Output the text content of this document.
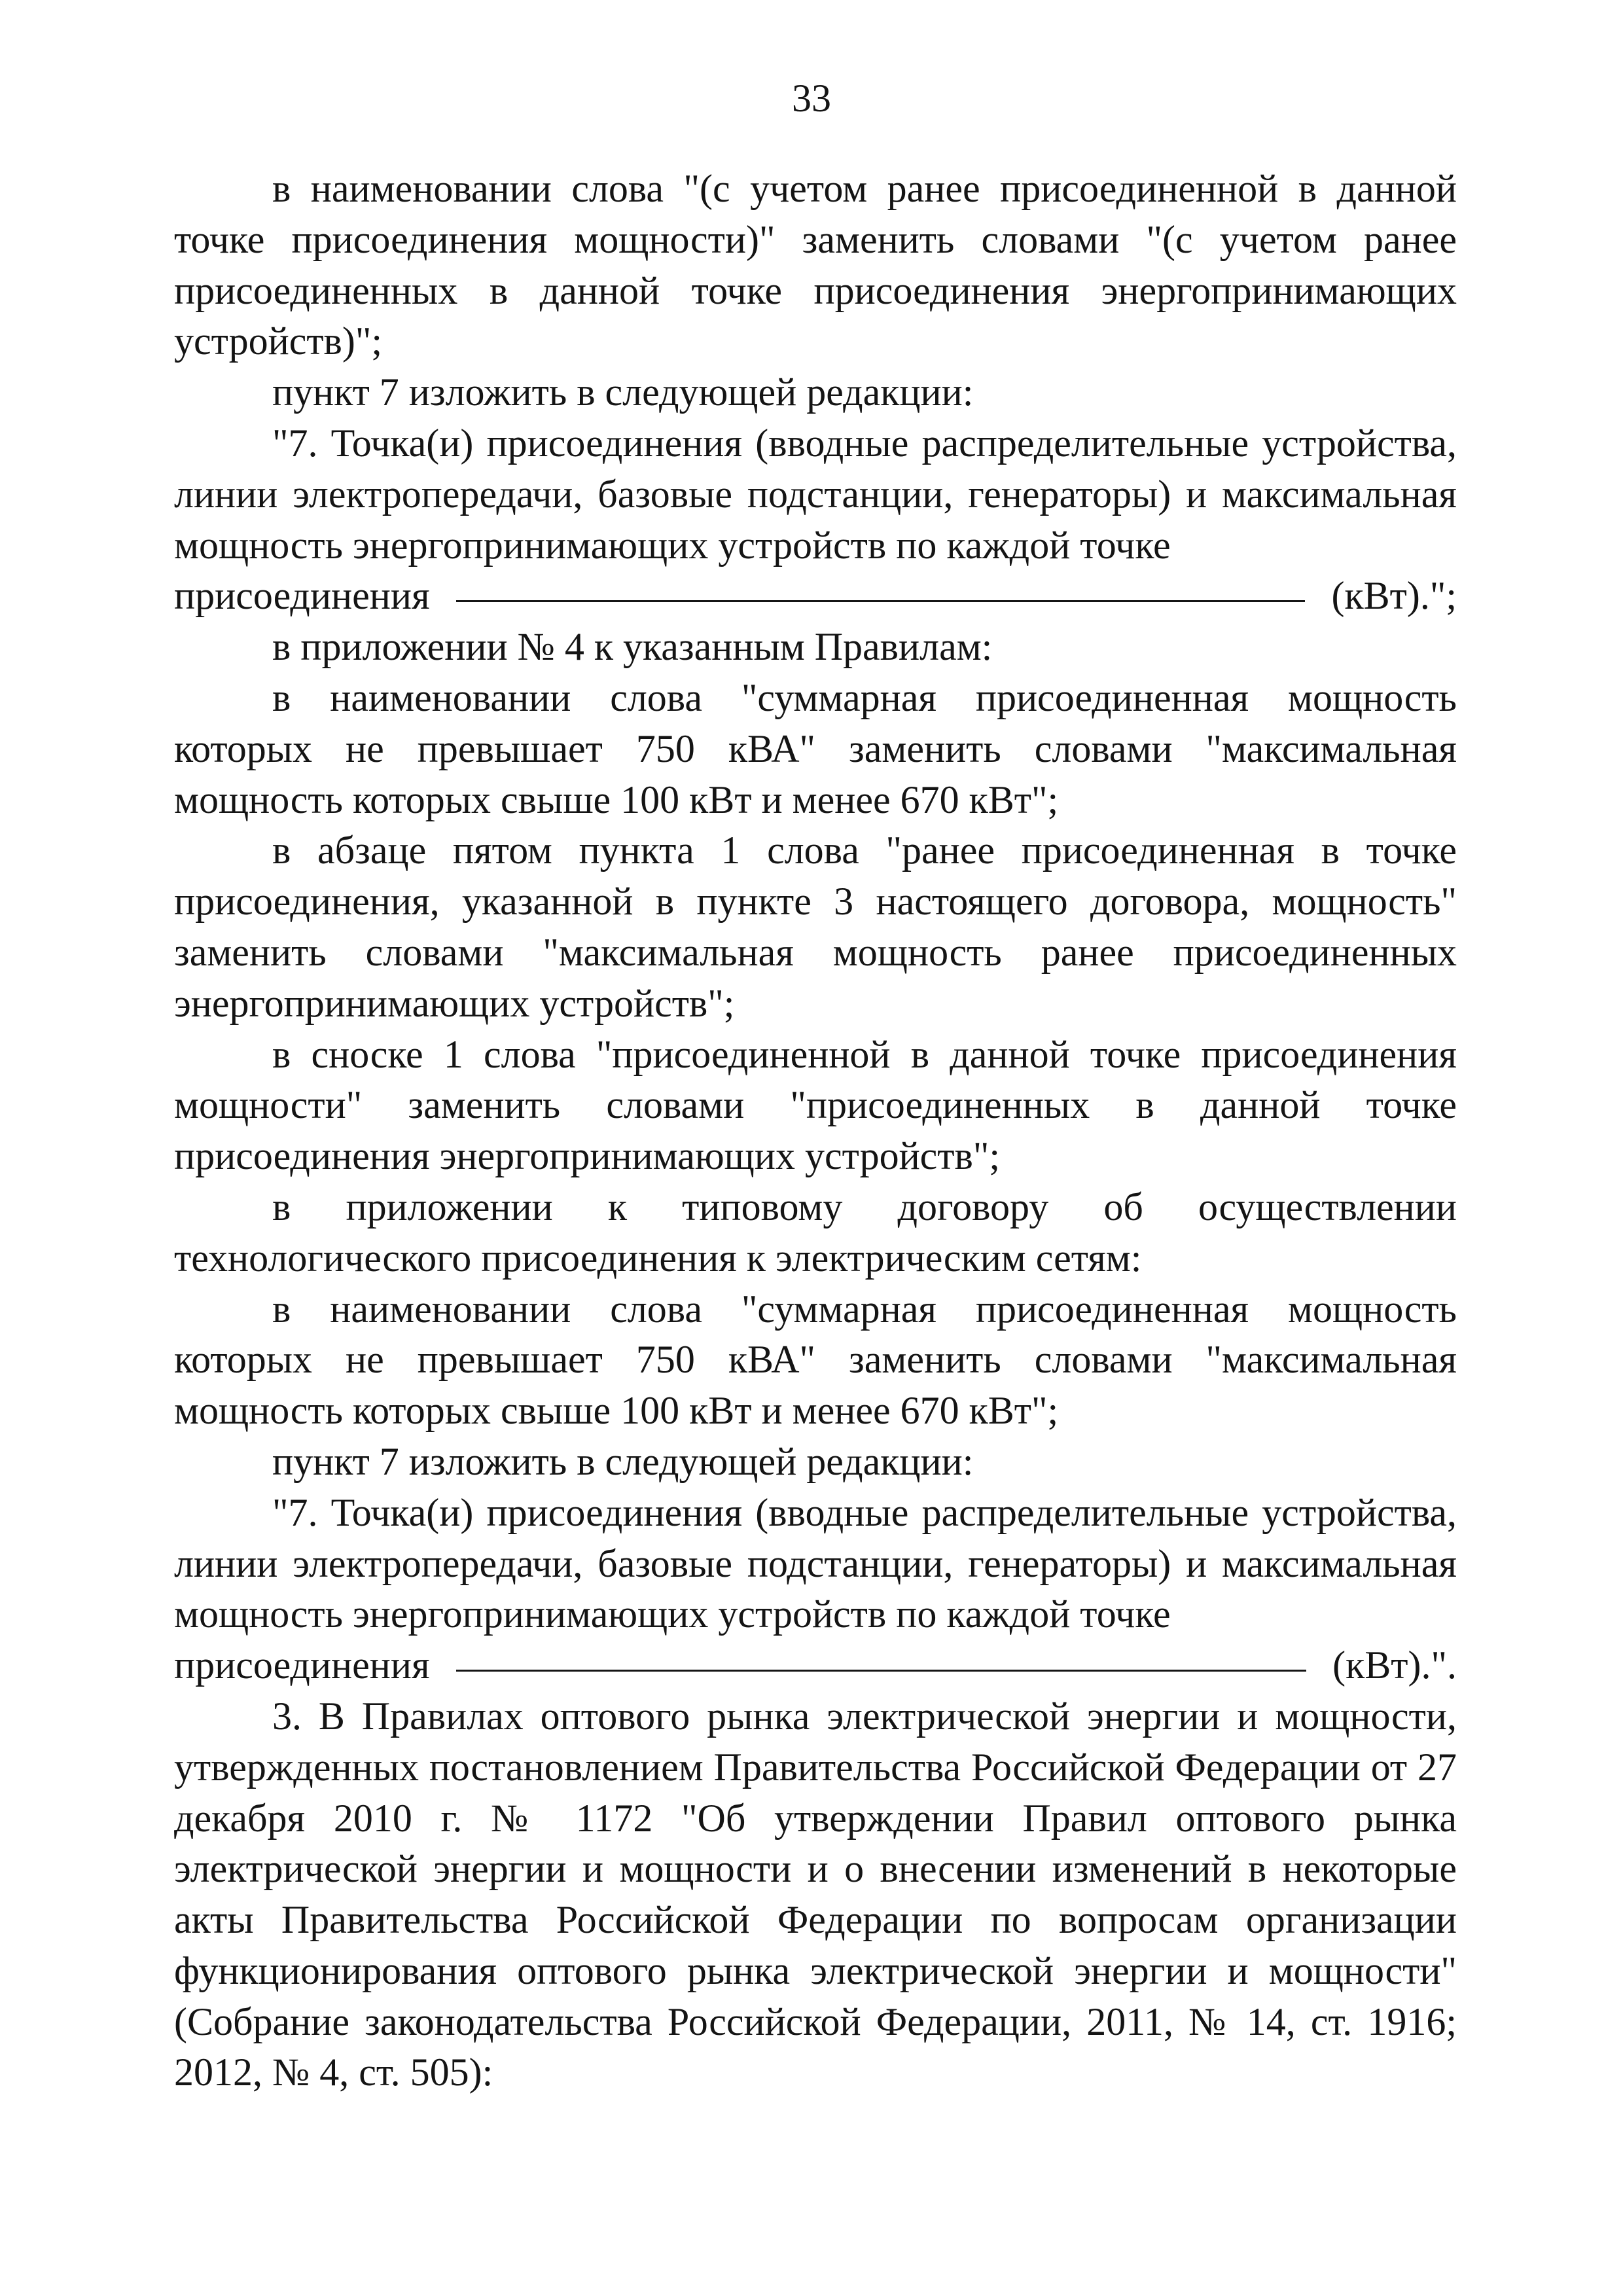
33

в наименовании слова "(с учетом ранее присоединенной в данной точке присоединения мощности)" заменить словами "(с учетом ранее присоединенных в данной точке присоединения энергопринимающих устройств)";

пункт 7 изложить в следующей редакции:

"7. Точка(и) присоединения (вводные распределительные устройства, линии электропередачи, базовые подстанции, генераторы) и максимальная мощность энергопринимающих устройств по каждой точке

присоединения	(кВт).";

в приложении № 4 к указанным Правилам:

в наименовании слова "суммарная присоединенная мощность которых не превышает 750 кВА" заменить словами "максимальная мощность которых свыше 100 кВт и менее 670 кВт";

в абзаце пятом пункта 1 слова "ранее присоединенная в точке присоединения, указанной в пункте 3 настоящего договора, мощность" заменить словами "максимальная мощность ранее присоединенных энергопринимающих устройств";

в сноске 1 слова "присоединенной в данной точке присоединения мощности" заменить словами "присоединенных в данной точке присоединения энергопринимающих устройств";

в приложении к типовому договору об осуществлении технологического присоединения к электрическим сетям:

в наименовании слова "суммарная присоединенная мощность которых не превышает 750 кВА" заменить словами "максимальная мощность которых свыше 100 кВт и менее 670 кВт";

пункт 7 изложить в следующей редакции:

"7. Точка(и) присоединения (вводные распределительные устройства, линии электропередачи, базовые подстанции, генераторы) и максимальная мощность энергопринимающих устройств по каждой точке

присоединения	(кВт).".

3. В Правилах оптового рынка электрической энергии и мощности, утвержденных постановлением Правительства Российской Федерации от 27 декабря 2010 г. № 1172 "Об утверждении Правил оптового рынка электрической энергии и мощности и о внесении изменений в некоторые акты Правительства Российской Федерации по вопросам организации функционирования оптового рынка электрической энергии и мощности" (Собрание законодательства Российской Федерации, 2011, № 14, ст. 1916; 2012, № 4, ст. 505):
